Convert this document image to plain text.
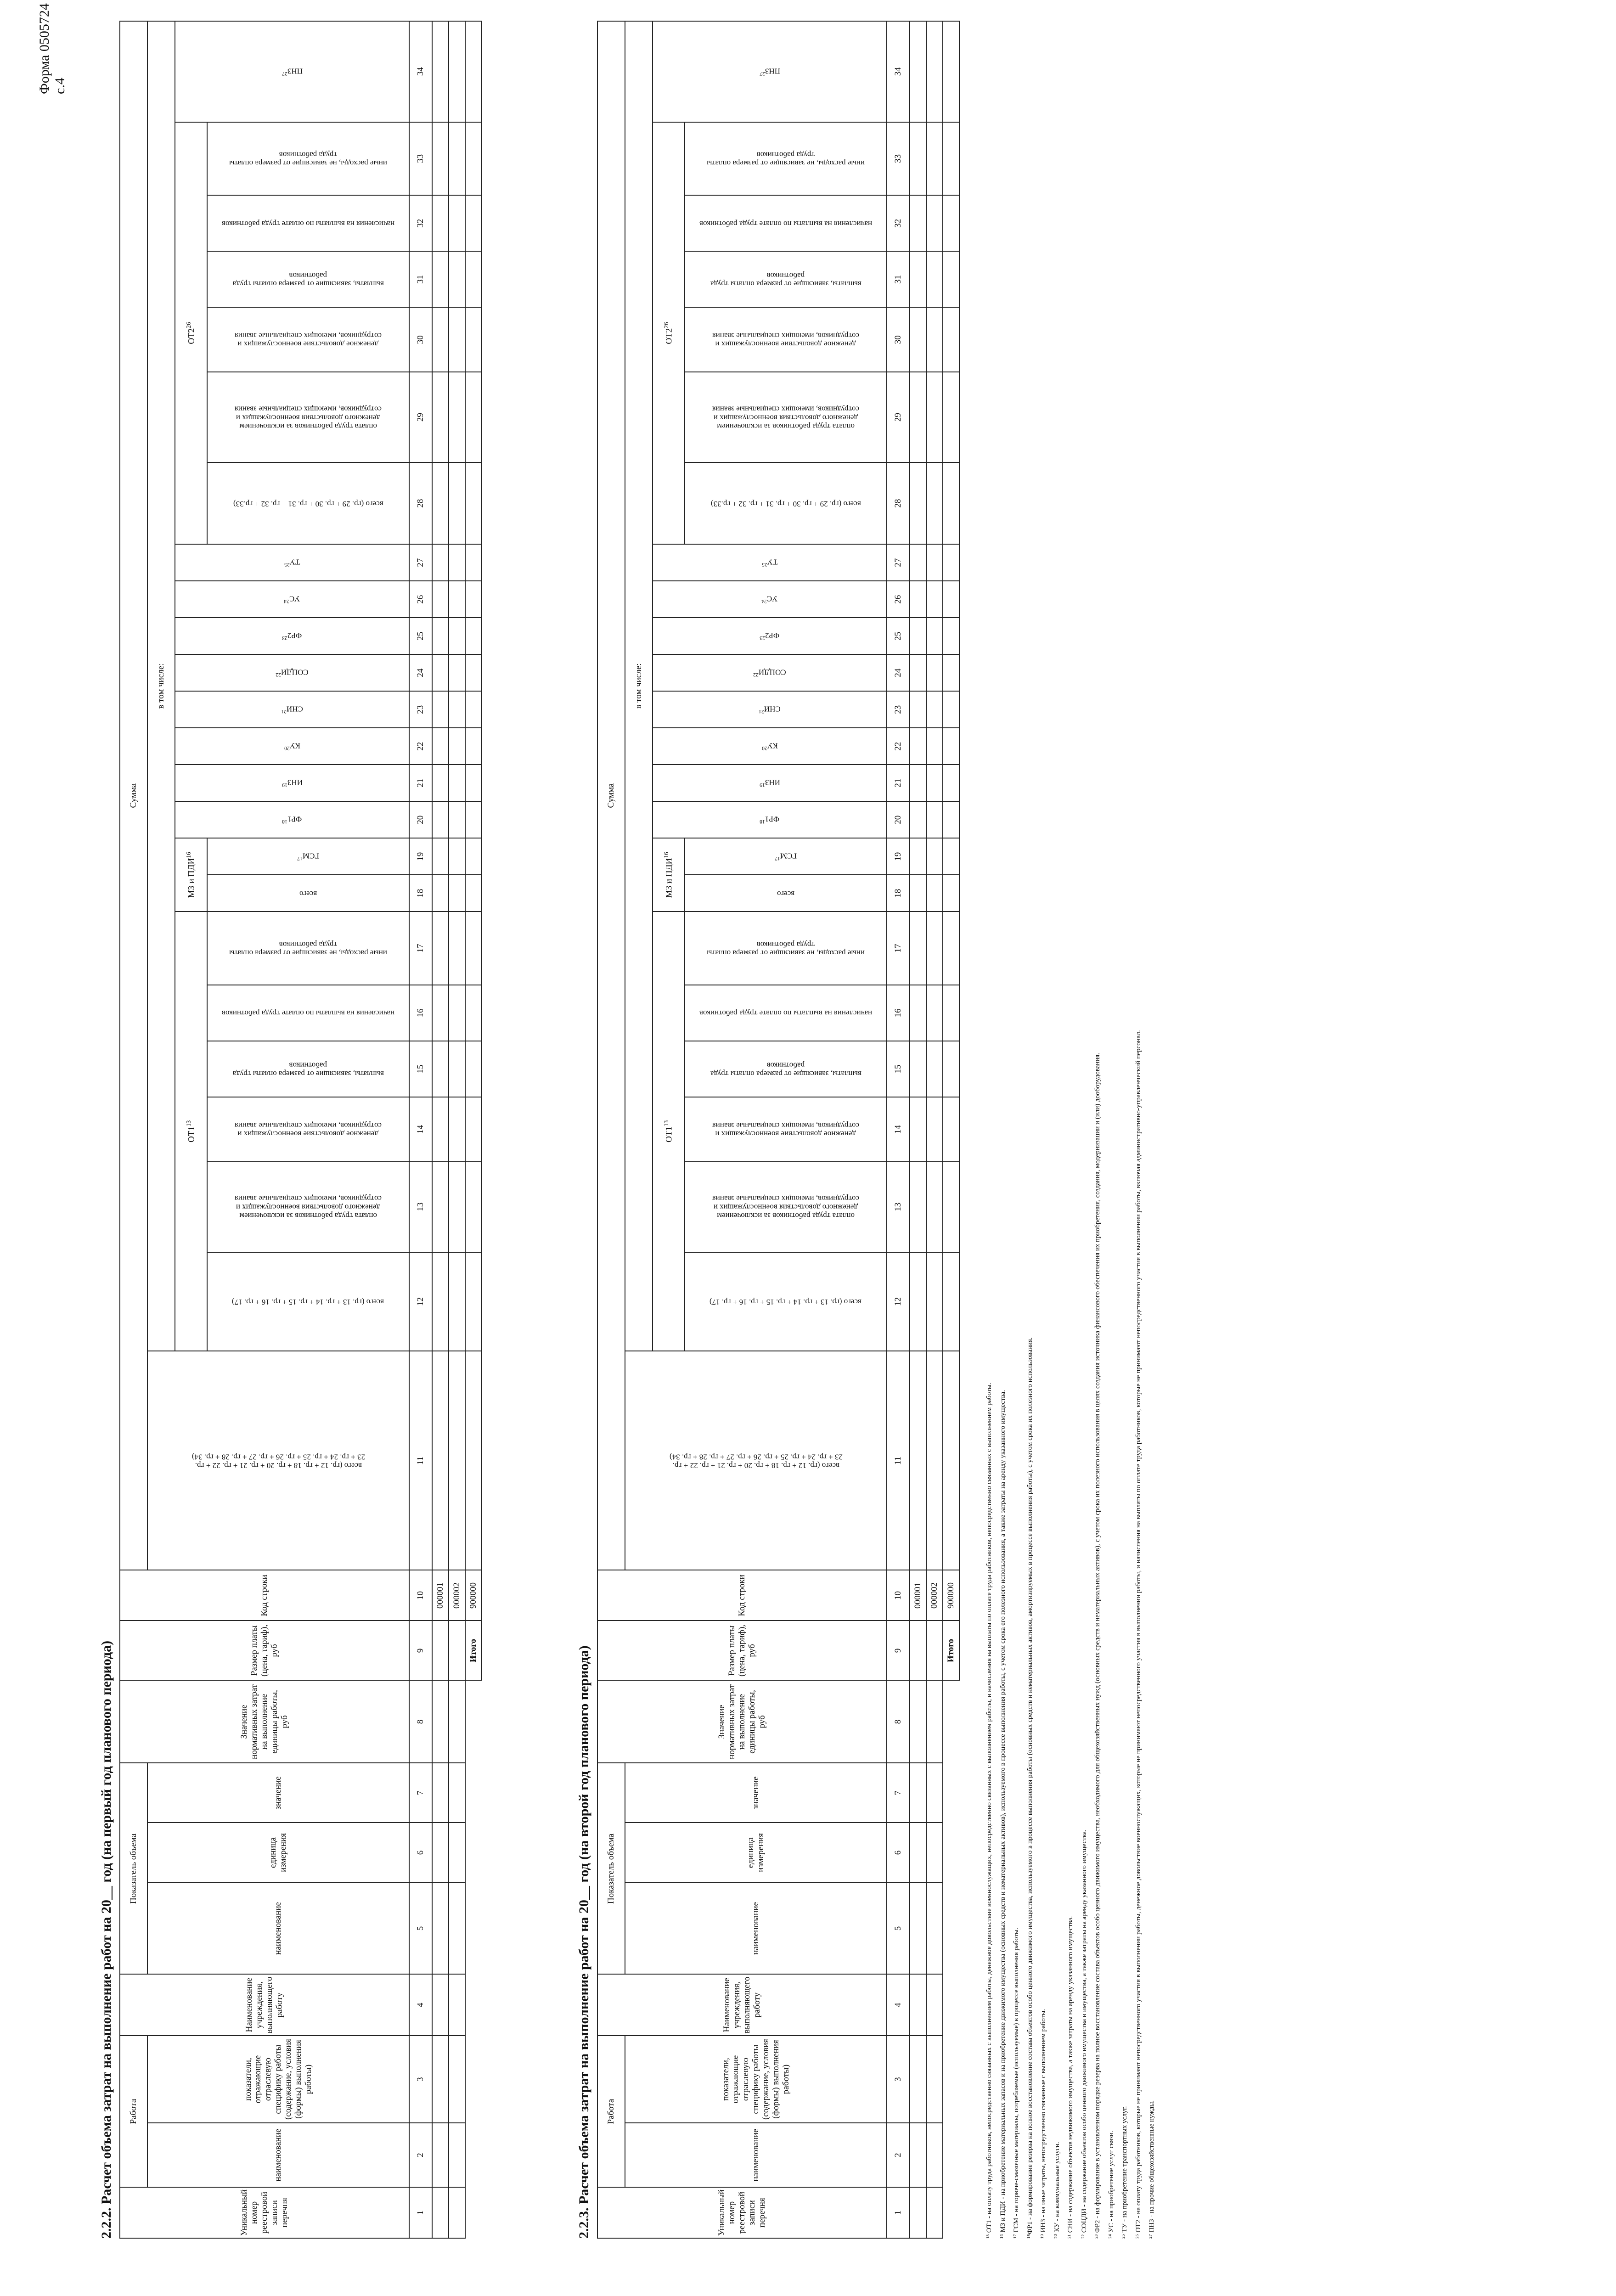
Форма 0505724 с.4
2.2.2. Расчет объема затрат на выполнение работ на 20__ год (на первый год планового периода)	Уникальный номер реестровой записи перечня	Работа		Наименование учреждения, выполняющего работу	Показатель объема			Значение нормативных затрат на выполнение единицы работы, руб	Размер платы (цена, тариф), руб	Код строки	Сумма																							
	наименование	показатели, отражающие отраслевую специфику работы (содержание, условия (формы) выполнения работы)		наименование	единица измерения	значение				всего (гр. 12 + гр. 18 + гр. 20 + гр. 21 + гр. 22 + гр. 23 + гр. 24 + гр. 25 + гр. 26 + гр. 27 + гр. 28 + гр. 34)	в том числе:																						
											$ОТ1^{13}$						МЗ и ПДИ$^{16}$		$ФР1^{18}$	ИНЗ$^{19}$	КУ$^{20}$	СНИ$^{21}$	СОЦДИ$^{22}$	$ФР2^{23}$	УС$^{24}$	ТУ$^{25}$	$ОТ2^{26}$						ПНЗ$^{27}$

											всего (гр. 13 + гр. 14 + гр. 15 + гр. 16 + гр. 17)	оплата труда работников за исключением денежного довольствия военнослужащих и сотрудников, имеющих специальные звания	денежное довольствие военнослужащих и сотрудников, имеющих специальные звания	выплаты, зависящие от размера оплаты труда работников	начисления на выплаты по оплате труда работников	иные расходы, не зависящие от размера оплаты труда работников	всего	ГСМ$^{17}$									всего (гр. 29 + гр. 30 + гр. 31 + гр. 32 + гр.33)	оплата труда работников за исключением денежного довольствия военнослужащих и сотрудников, имеющих специальные звания	денежное довольствие военнослужащих и сотрудников, имеющих специальные звания	выплаты, зависящие от размера оплаты труда работников	начисления на выплаты по оплате труда работников	иные расходы, не зависящие от размера оплаты труда работников	

1	2	3	4	5	6	7	8	9	10	11	12	13	14	15	16	17	18	19	20	21	22	23	24	25	26	27	28	29	30	31	32	33	34
									000001																								
									000002																								
								Итого	900000																								
2.2.3. Расчет объема затрат на выполнение работ на 20__ год (на второй год планового периода)	Уникальный номер реестровой записи перечня	Работа		Наименование учреждения, выполняющего работу	Показатель объема			Значение нормативных затрат на выполнение единицы работы, руб	Размер платы (цена, тариф), руб	Код строки	Сумма																							
	наименование	показатели, отражающие отраслевую специфику работы (содержание, условия (формы) выполнения работы)		наименование	единица измерения	значение				всего (гр. 12 + гр. 18 + гр. 20 + гр. 21 + гр. 22 + гр. 23 + гр. 24 + гр. 25 + гр. 26 + гр. 27 + гр. 28 + гр. 34)	в том числе:																						
											$ОТ1^{13}$						МЗ и ПДИ$^{16}$		$ФР1^{18}$	ИНЗ$^{19}$	КУ$^{20}$	СНИ$^{21}$	СОЦДИ$^{22}$	$ФР2^{23}$	УС$^{24}$	ТУ$^{25}$	$ОТ2^{26}$						ПНЗ$^{27}$

											всего (гр. 13 + гр. 14 + гр. 15 + гр. 16 + гр. 17)	оплата труда работников за исключением денежного довольствия военнослужащих и сотрудников, имеющих специальные звания	денежное довольствие военнослужащих и сотрудников, имеющих специальные звания	выплаты, зависящие от размера оплаты труда работников	начисления на выплаты по оплате труда работников	иные расходы, не зависящие от размера оплаты труда работников	всего	ГСМ$^{17}$									всего (гр. 29 + гр. 30 + гр. 31 + гр. 32 + гр.33)	оплата труда работников за исключением денежного довольствия военнослужащих и сотрудников, имеющих специальные звания	денежное довольствие военнослужащих и сотрудников, имеющих специальные звания	выплаты, зависящие от размера оплаты труда работников	начисления на выплаты по оплате труда работников	иные расходы, не зависящие от размера оплаты труда работников	

1	2	3	4	5	6	7	8	9	10	11	12	13	14	15	16	17	18	19	20	21	22	23	24	25	26	27	28	29	30	31	32	33	34
									000001																								
									000002																								
								Итого	900000																									¹³ ОТ1 - на оплату труда работников, непосредственно связанных с выполнением работы, денежное довольствие военнослужащих, непосредственно связанных с выполнением работы, и начисления на выплаты по оплате труда работников, непосредственно связанных с выполнением работы. ¹⁶ МЗ и ПДИ - на приобретение материальных запасов и на приобретение движимого имущества (основных средств и нематериальных активов), используемого в процессе выполнения работы, с учетом срока его полезного использования, а также затраты на аренду указанного имущества. ¹⁷ ГСМ - на горюче-смазочные материалы, потребляемые (используемые) в процессе выполнения работы. ¹⁸ФР1 - на формирование резерва на полное восстановление состава объектов особо ценного движимого имущества, используемого в процессе выполнения работы (основных средств и нематериальных активов, амортизируемых в процессе выполнения работы), с учетом срока их полезного использования. ¹⁹ ИНЗ - на иные затраты, непосредственно связанные с выполнением работы. ²⁰ КУ - на коммунальные услуги. ²¹ СНИ - на содержание объектов недвижимого имущества, а также затраты на аренду указанного имущества. ²² СОЦДИ - на содержание объектов особо ценного движимого имущества и имущества, а также затраты на аренду указанного имущества. ²³ ФР2 - на формирование в установленном порядке резерва на полное восстановление состава объектов особо ценного движимого имущества, необходимого для общехозяйственных нужд (основных средств и нематериальных активов), с учетом срока их полезного использования в целях создания источника финансового обеспечения их приобретения, создания, модернизации и (или) дооборудования. ²⁴ УС - на приобретение услуг связи. ²⁵ ТУ - на приобретение транспортных услуг. ²⁶ ОТ2 - на оплату труда работников, которые не принимают непосредственного участия в выполнении работы, денежное довольствие военнослужащих, которые не принимают непосредственного участия в выполнении работы, и начисления на выплаты по оплате труда работников, которые не принимают непосредственного участия в выполнении работы, включая административно-управленческий персонал. ²⁷ ПНЗ - на прочие общехозяйственные нужды.
